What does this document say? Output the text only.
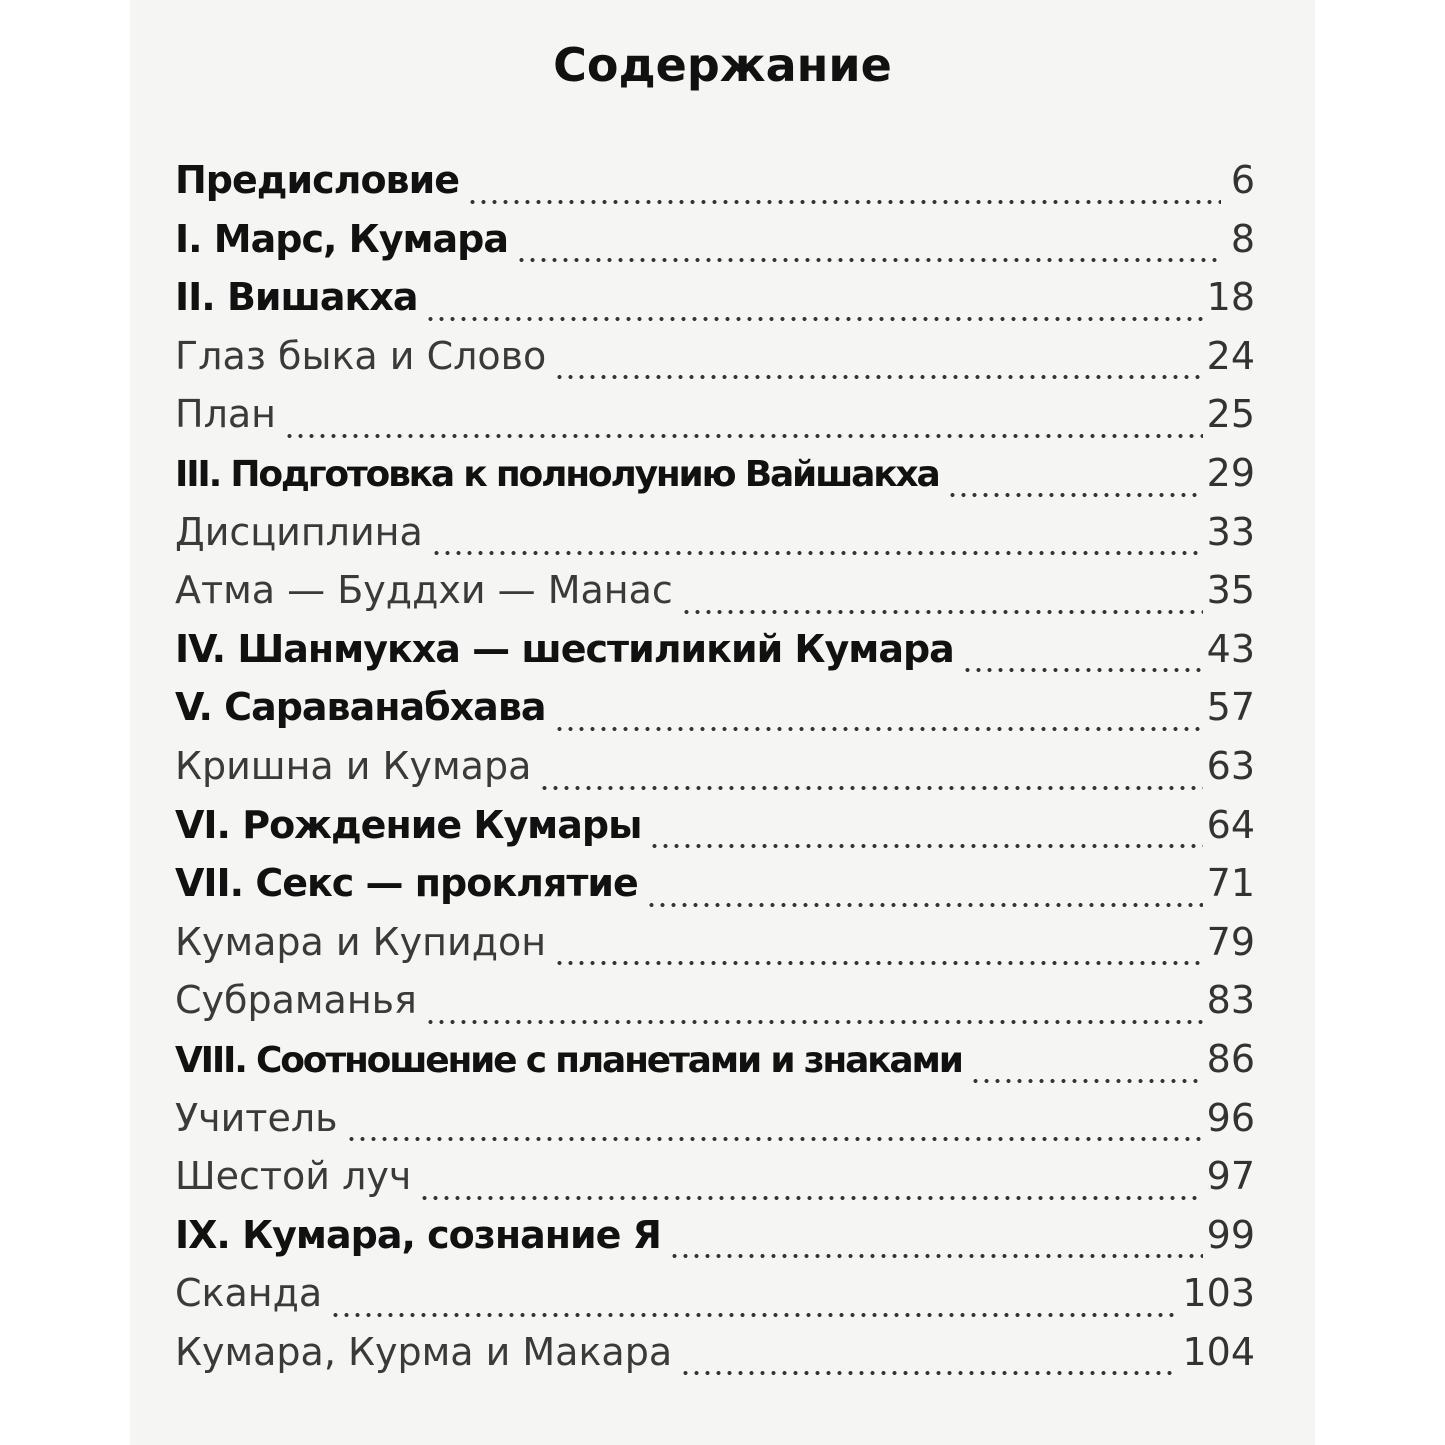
Содержание
Предисловие	6
I. Марс, Кумара	8
II. Вишакха	18
Глаз быка и Слово	24
План	25
III. Подготовка к полнолунию Вайшакха	29
Дисциплина	33
Атма — Буддхи — Манас	35
IV. Шанмукха — шестиликий Кумара	43
V. Сараванабхава	57
Кришна и Кумара	63
VI. Рождение Кумары	64
VII. Секс — проклятие	71
Кумара и Купидон	79
Субраманья	83
VIII. Соотношение с планетами и знаками	86
Учитель	96
Шестой луч	97
IX. Кумара, сознание Я	99
Сканда	103
Кумара, Курма и Макара	104
